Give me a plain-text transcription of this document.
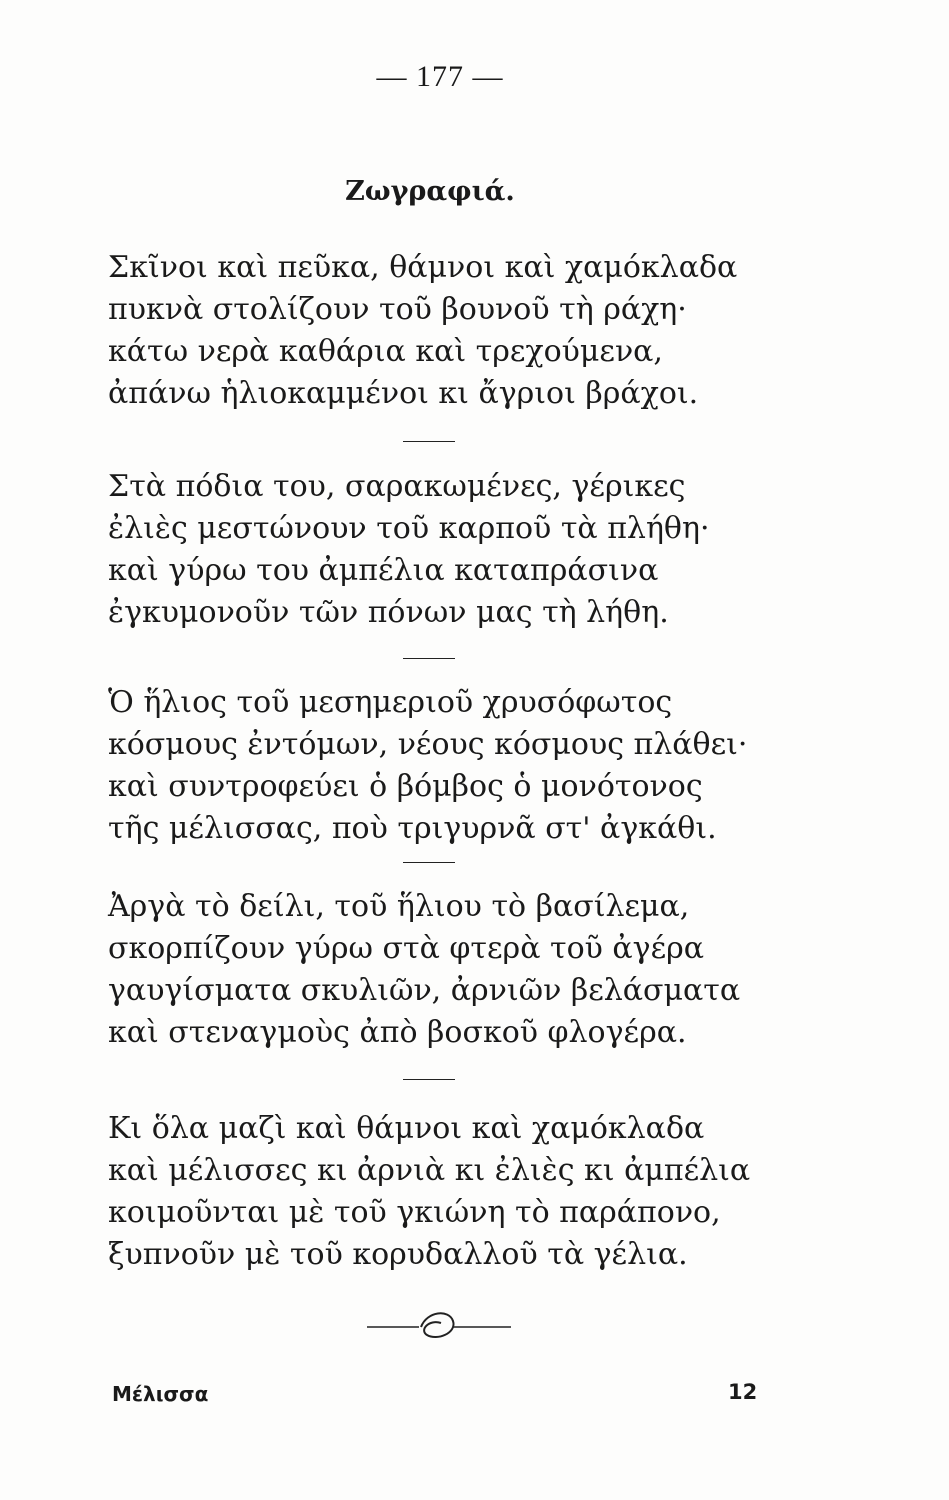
— 177 —
Ζωγραφιά.
Σκῖνοι καὶ πεῦκα, θάμνοι καὶ χαμόκλαδα
πυκνὰ στολίζουν τοῦ βουνοῦ τὴ ράχη·
κάτω νερὰ καθάρια καὶ τρεχούμενα,
ἀπάνω ἡλιοκαμμένοι κι ἄγριοι βράχοι.
Στὰ πόδια του, σαρακωμένες, γέρικες
ἐλιὲς μεστώνουν τοῦ καρποῦ τὰ πλήθη·
καὶ γύρω του ἀμπέλια καταπράσινα
ἐγκυμονοῦν τῶν πόνων μας τὴ λήθη.
Ὁ ἥλιος τοῦ μεσημεριοῦ χρυσόφωτος
κόσμους ἐντόμων, νέους κόσμους πλάθει·
καὶ συντροφεύει ὁ βόμβος ὁ μονότονος
τῆς μέλισσας, ποὺ τριγυρνᾶ στ' ἀγκάθι.
Ἀργὰ τὸ δείλι, τοῦ ἥλιου τὸ βασίλεμα,
σκορπίζουν γύρω στὰ φτερὰ τοῦ ἀγέρα
γαυγίσματα σκυλιῶν, ἀρνιῶν βελάσματα
καὶ στεναγμοὺς ἀπὸ βοσκοῦ φλογέρα.
Κι ὅλα μαζὶ καὶ θάμνοι καὶ χαμόκλαδα
καὶ μέλισσες κι ἀρνιὰ κι ἐλιὲς κι ἀμπέλια
κοιμοῦνται μὲ τοῦ γκιώνη τὸ παράπονο,
ξυπνοῦν μὲ τοῦ κορυδαλλοῦ τὰ γέλια.
Μέλισσα	12
